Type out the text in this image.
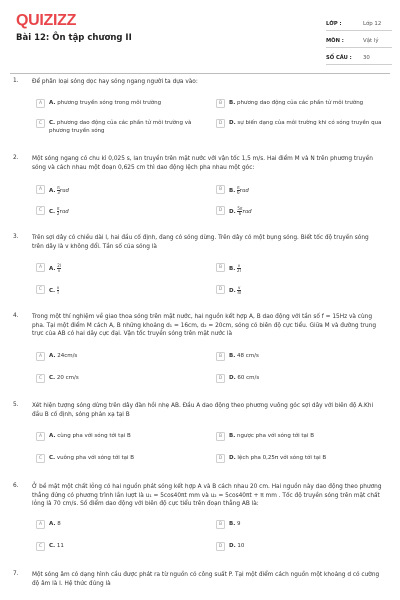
QUIZIZZ
Bài 12: Ôn tập chương II
LỚP :	Lớp 12
MÔN :	Vật lý
SỐ CÂU : 30
1. Để phân loại sóng dọc hay sóng ngang người ta dựa vào:
A	A. phương truyền sóng trong môi trường	B	B. phương dao động của các phần tử môi trường
C	C. phương dao động của các phần tử môi trường và phương truyền sóng
D	D. sự biến dạng của môi trường khi có sóng truyền qua
2. Một sóng ngang có chu kì 0,025 s, lan truyền trên mặt nước với vận tốc 1,5 m/s. Hai điểm M và N trên phương truyền sóng và cách nhau một đoạn 0,625 cm thì dao động lệch pha nhau một góc:
A	A. $\frac{\pi}{3}$ rad	B	B. $\frac{\pi}{6}$ rad
C	C. $\frac{\pi}{2}$ rad	D	D. $\frac{5\pi}{6}$ rad
3. Trên sợi dây có chiều dài l, hai đầu cố định, đang có sóng dừng. Trên dây có một bụng sóng. Biết tốc độ truyền sóng trên dây là v không đổi. Tần số của sóng là
A	A. $\frac{2l}{v}$	B	B. $\frac{v}{2l}$
C	C. $\frac{v}{l}$	D	D. $\frac{v}{4l}$
4. Trong một thí nghiệm về giao thoa sóng trên mặt nước, hai nguồn kết hợp A, B dao động với tần số f = 15Hz và cùng pha. Tại một điểm M cách A, B những khoảng d₁ = 16cm, d₂ = 20cm, sóng có biên độ cực tiểu. Giữa M và đường trung trực của AB có hai dãy cực đại. Vận tốc truyền sóng trên mặt nước là
A	A. 24cm/s	B	B. 48 cm/s
C	C. 20 cm/s	D	D. 60 cm/s
5. Xét hiện tượng sóng dừng trên dây đàn hồi nhẹ AB. Đầu A dao động theo phương vuông góc sợi dây với biên độ A.Khi đầu B cố định, sóng phản xạ tại B
A	A. cùng pha với sóng tới tại B	B	B. ngược pha với sóng tới tại B
C	C. vuông pha với sóng tới tại B	D	D. lệch pha 0,25π với sóng tới tại B
6. Ở bề mặt một chất lỏng có hai nguồn phát sóng kết hợp A và B cách nhau 20 cm. Hai nguồn này dao động theo phương thẳng đứng có phương trình lần lượt là u₁ = 5cos40πt mm và u₂ = 5cos40πt + π mm . Tốc độ truyền sóng trên mặt chất lỏng là 70 cm/s. Số điểm dao động với biên độ cực tiểu trên đoạn thẳng AB là:
A	A. 8	B	B. 9
C	C. 11	D	D. 10
7. Một sóng âm có dạng hình cầu được phát ra từ nguồn có công suất P. Tại một điểm cách nguồn một khoảng d có cường độ âm là I. Hệ thức đúng là
